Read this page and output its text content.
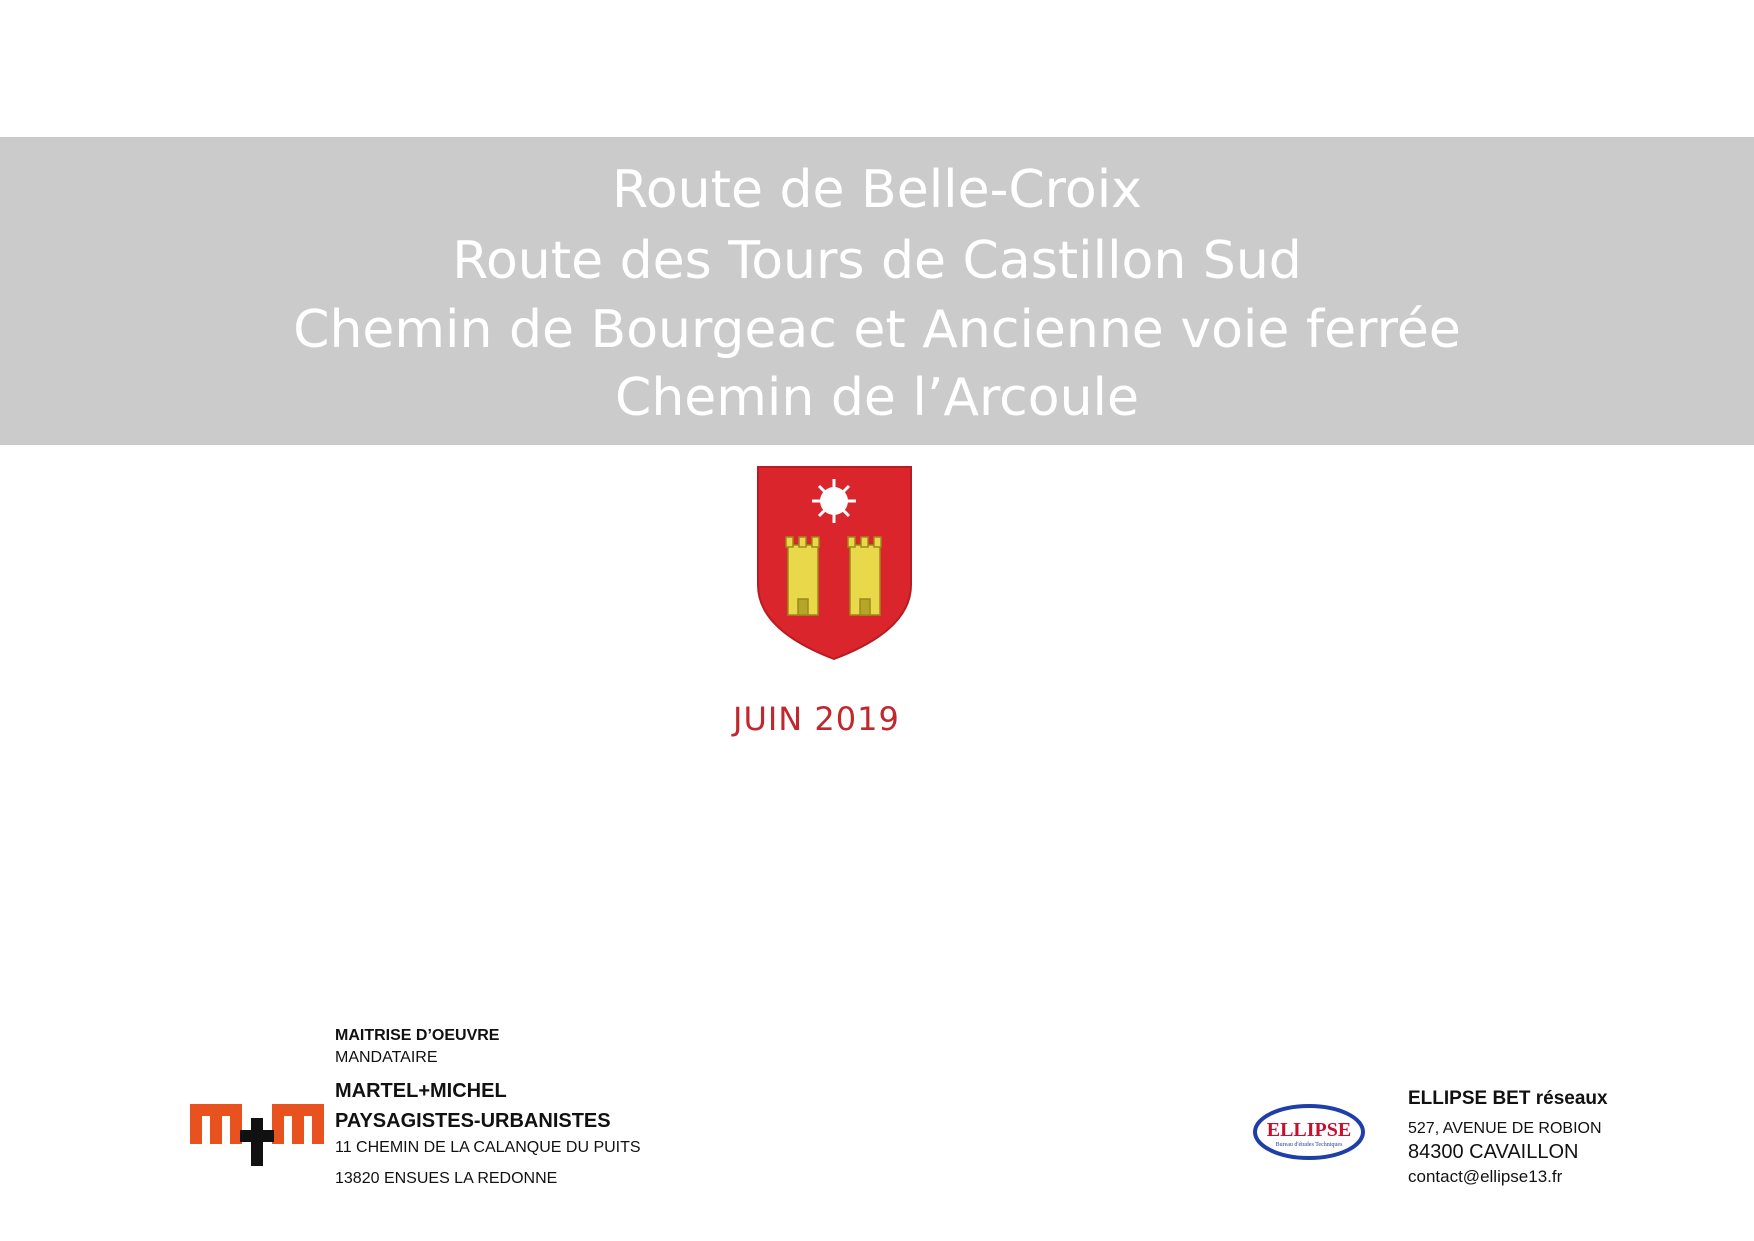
Route de Belle-Croix
Route des Tours de Castillon Sud
Chemin de Bourgeac et Ancienne voie ferrée
Chemin de l’Arcoule
JUIN 2019
MAITRISE D’OEUVRE
MANDATAIRE
MARTEL+MICHEL
PAYSAGISTES-URBANISTES
11 CHEMIN DE LA CALANQUE DU PUITS
13820 ENSUES LA REDONNE
ELLIPSE
Bureau d'études Techniques
ELLIPSE BET réseaux
527, AVENUE DE ROBION
84300 CAVAILLON
contact@ellipse13.fr
